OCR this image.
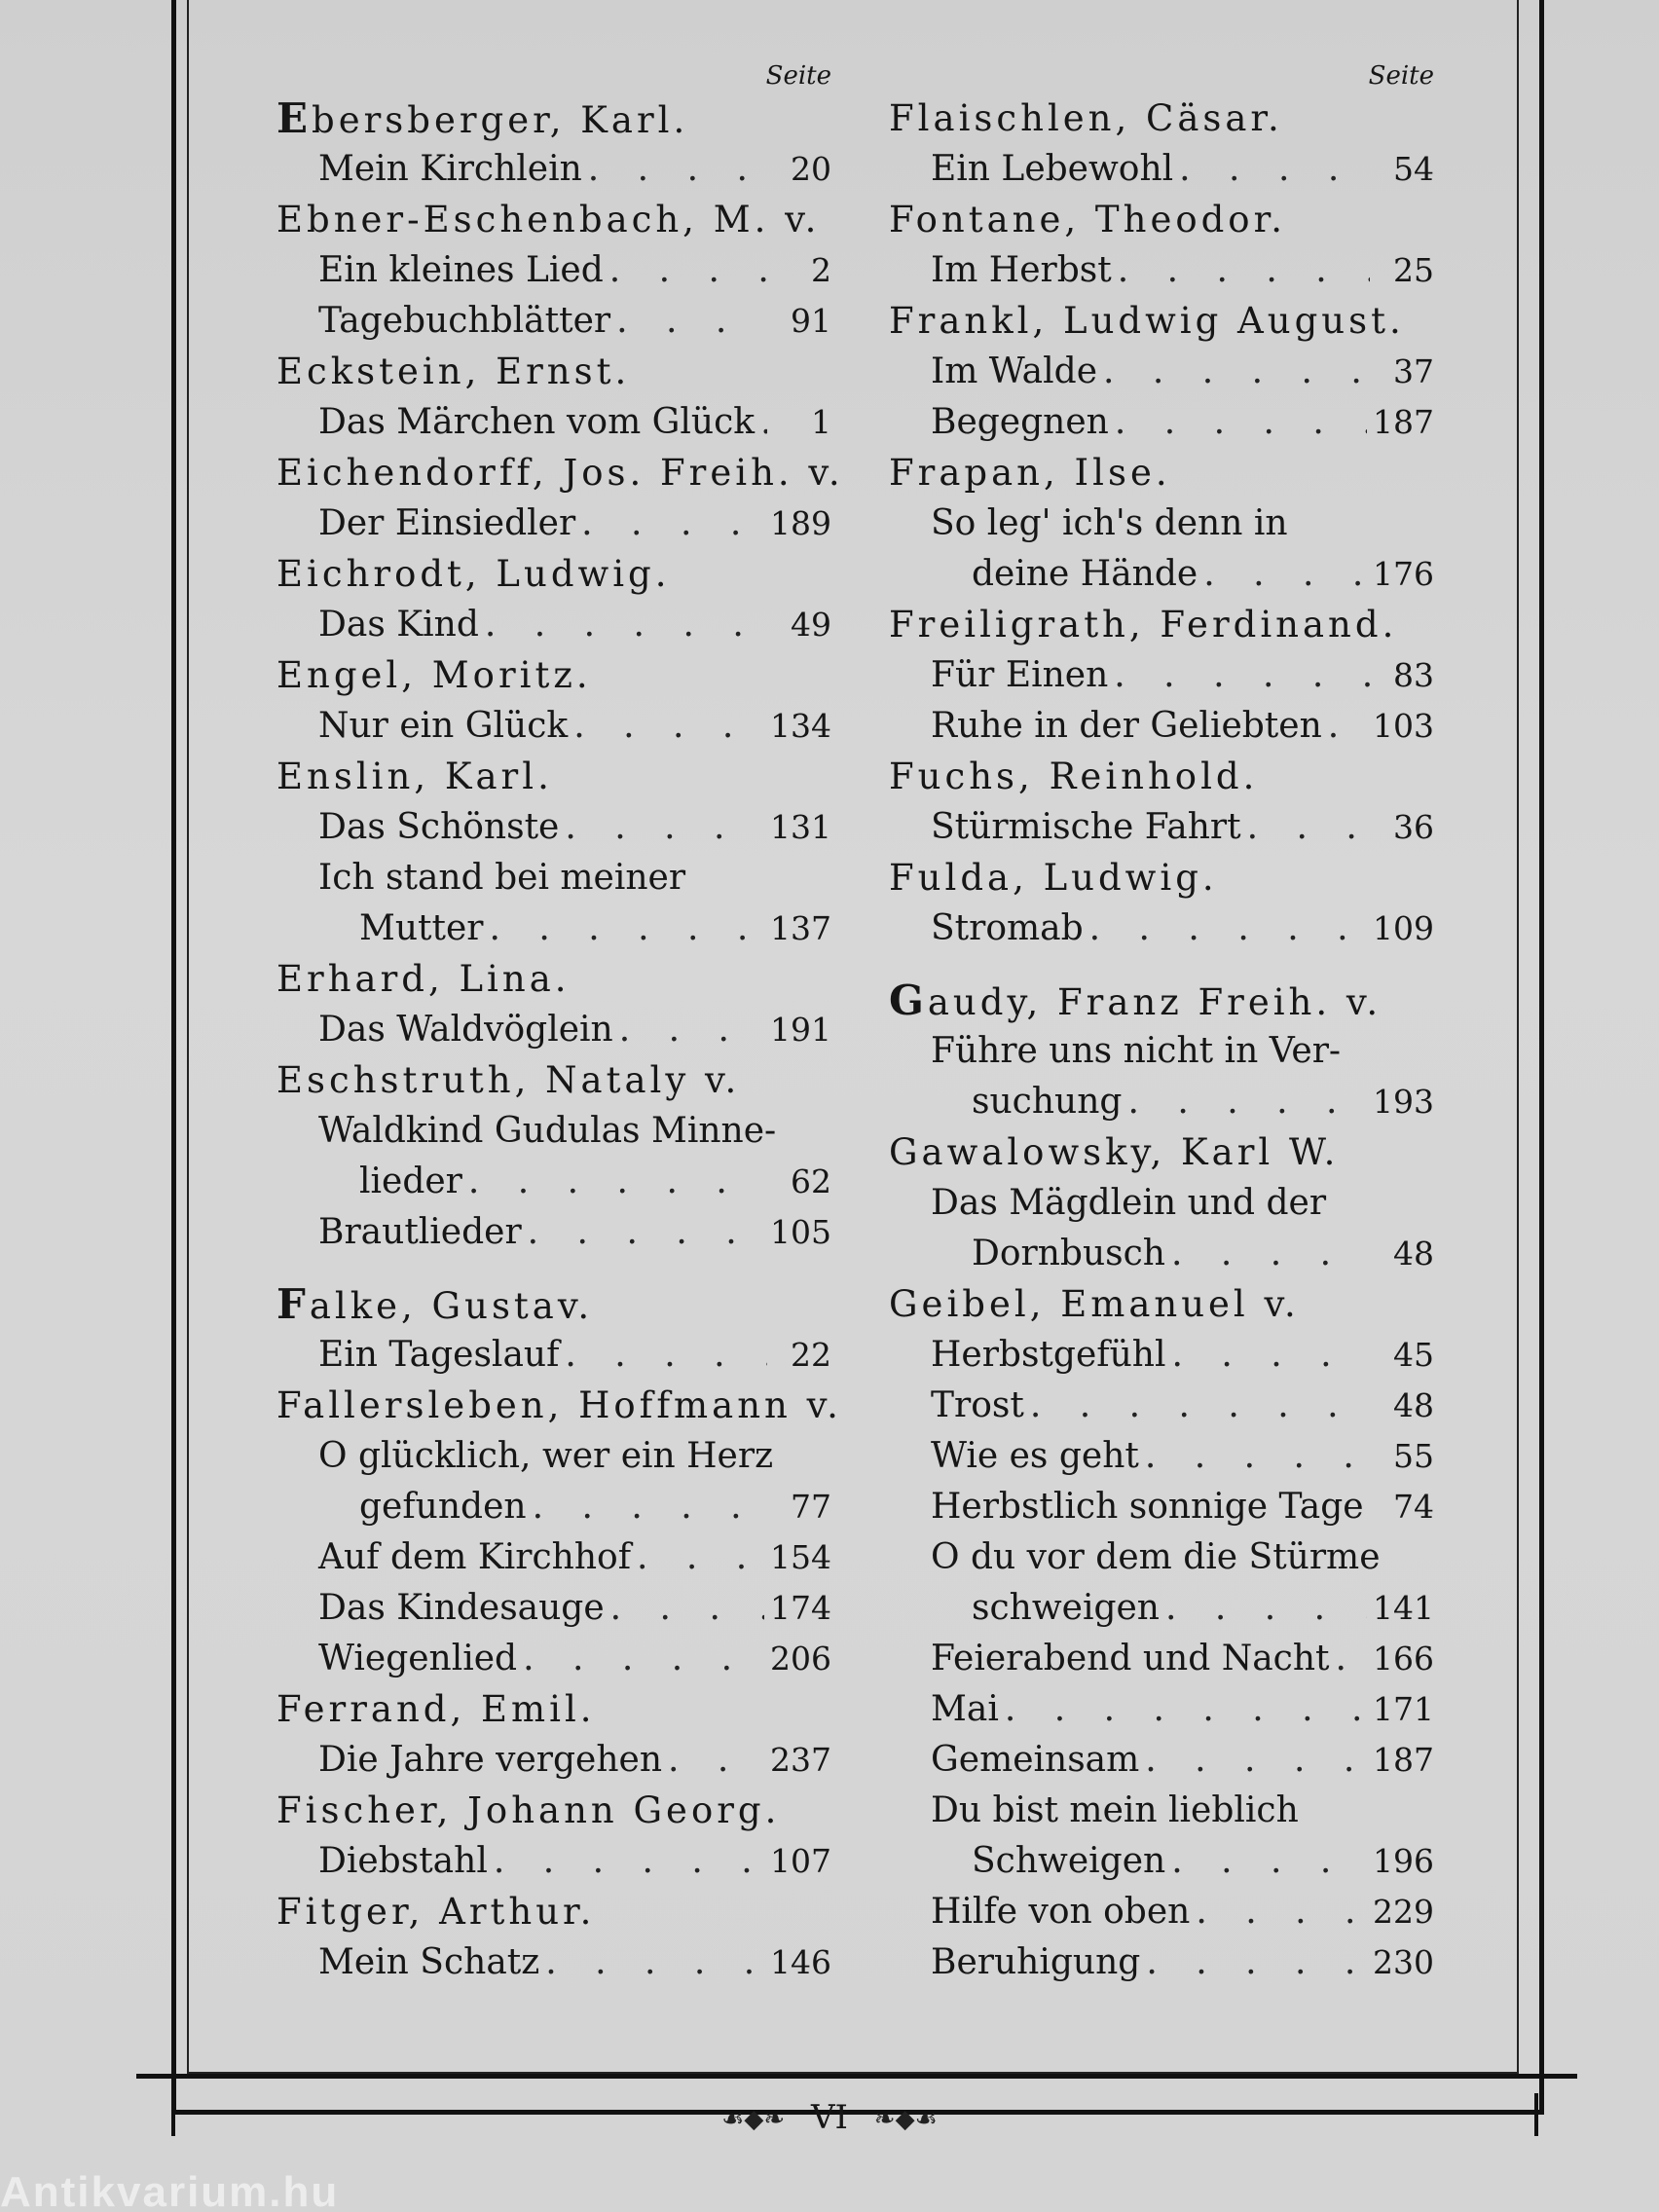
Seite
E bersberger, Karl.
Mein Kirchlein . . .	20
Ebner-Eschenbach, M. v.
Ein kleines Lied . . .	2
Tagebuchblätter . . .	91
Eckstein, Ernst.
Das Märchen vom Glück . . .	1
Eichendorff, Jos. Freih. v.
Der Einsiedler . . .	189
Eichrodt, Ludwig.
Das Kind . . .	49
Engel, Moritz.
Nur ein Glück . . .	134
Enslin, Karl.
Das Schönste . . .	131
Ich stand bei meiner
Mutter . . .	137
Erhard, Lina.
Das Waldvöglein . . .	191
Eschstruth, Nataly v.
Waldkind Gudulas Minne-
lieder . . .	62
Brautlieder . . .	105
F alke, Gustav.
Ein Tageslauf . . .	22
Fallersleben, Hoffmann v.
O glücklich, wer ein Herz
gefunden . . .	77
Auf dem Kirchhof . . .	154
Das Kindesauge . . .	174
Wiegenlied . . .	206
Ferrand, Emil.
Die Jahre vergehen . . .	237
Fischer, Johann Georg.
Diebstahl . . .	107
Fitger, Arthur.
Mein Schatz . . .	146
Seite
Flaischlen, Cäsar.
Ein Lebewohl . . .	54
Fontane, Theodor.
Im Herbst . . .	25
Frankl, Ludwig August.
Im Walde . . .	37
Begegnen . . .	187
Frapan, Ilse.
So leg' ich's denn in
deine Hände . . .	176
Freiligrath, Ferdinand.
Für Einen . . .	83
Ruhe in der Geliebten . . . 103
Fuchs, Reinhold.
Stürmische Fahrt . . .	36
Fulda, Ludwig.
Stromab . . .	109
G audy, Franz Freih. v.
Führe uns nicht in Ver-
suchung . . .	193
Gawalowsky, Karl W.
Das Mägdlein und der
Dornbusch . . .	48
Geibel, Emanuel v.
Herbstgefühl . . .	45
Trost . . .	48
Wie es geht . . .	55
Herbstlich sonnige Tage . . . 74
O du vor dem die Stürme
schweigen . . .	141
Feierabend und Nacht . . . 166
Mai . . .	171
Gemeinsam . . .	187
Du bist mein lieblich
Schweigen . . .	196
Hilfe von oben . . .	229
Beruhigung . . .	230
☙◆❧ VI ❧◆☙
Antikvarium.hu
